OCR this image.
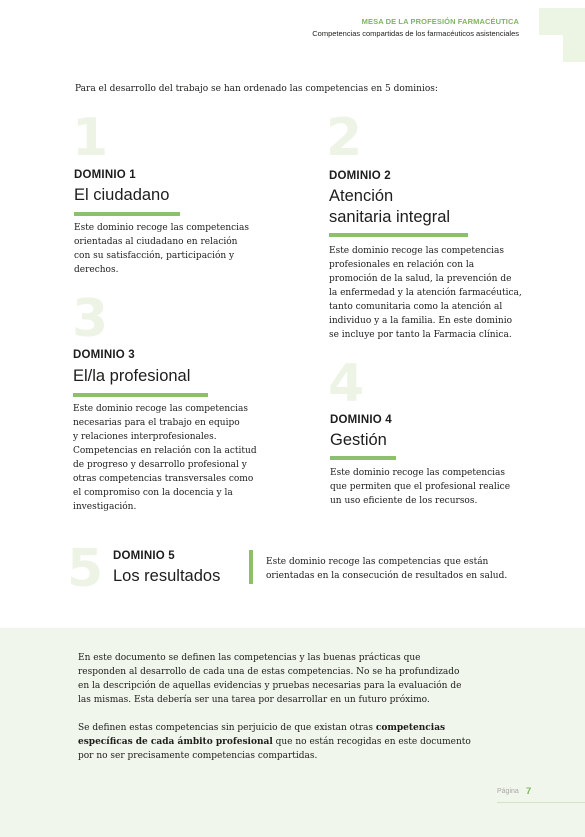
MESA DE LA PROFESIÓN FARMACÉUTICA
Competencias compartidas de los farmacéuticos asistenciales
Para el desarrollo del trabajo se han ordenado las competencias en 5 dominios:
1
DOMINIO 1
El ciudadano
Este dominio recoge las competencias
orientadas al ciudadano en relación
con su satisfacción, participación y
derechos.
2
DOMINIO 2
Atención
sanitaria integral
Este dominio recoge las competencias
profesionales en relación con la
promoción de la salud, la prevención de
la enfermedad y la atención farmacéutica,
tanto comunitaria como la atención al
individuo y a la familia. En este dominio
se incluye por tanto la Farmacia clínica.
3
DOMINIO 3
El/la profesional
Este dominio recoge las competencias
necesarias para el trabajo en equipo
y relaciones interprofesionales.
Competencias en relación con la actitud
de progreso y desarrollo profesional y
otras competencias transversales como
el compromiso con la docencia y la
investigación.
4
DOMINIO 4
Gestión
Este dominio recoge las competencias
que permiten que el profesional realice
un uso eficiente de los recursos.
5 DOMINIO 5
Los resultados
Este dominio recoge las competencias que están
orientadas en la consecución de resultados en salud.
En este documento se definen las competencias y las buenas prácticas que
responden al desarrollo de cada una de estas competencias. No se ha profundizado
en la descripción de aquellas evidencias y pruebas necesarias para la evaluación de
las mismas. Esta debería ser una tarea por desarrollar en un futuro próximo.
Se definen estas competencias sin perjuicio de que existan otras competencias
específicas de cada ámbito profesional que no están recogidas en este documento
por no ser precisamente competencias compartidas.
Página 7
